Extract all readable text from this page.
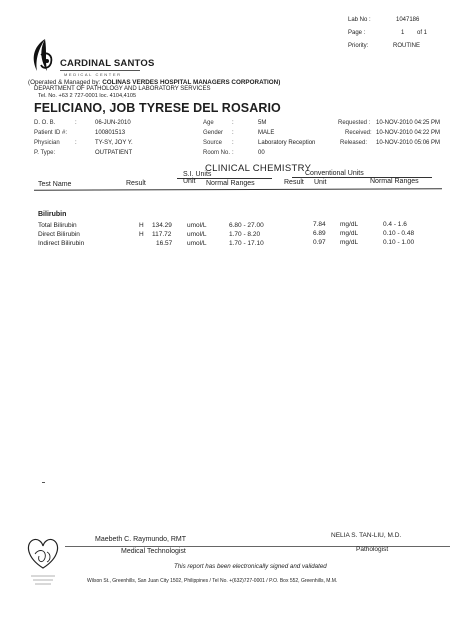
Lab No :	1047186
Page :	1 of 1
Priority:	ROUTINE
CARDINAL SANTOS
MEDICAL CENTER
(Operated & Managed by: COLINAS VERDES HOSPITAL MANAGERS CORPORATION)
DEPARTMENT OF PATHOLOGY AND LABORATORY SERVICES
Tel. No. +63 2 727-0001 loc. 4104,4105
FELICIANO, JOB TYRESE DEL ROSARIO
D. O. B.	:	06-JUN-2010
Patient ID #:	100801513
Physician	:	TY-SY, JOY Y.
P. Type:	OUTPATIENT
Age	:	5M
Gender :	MALE
Source :	Laboratory Reception
Room No. :	00
Requested : 10-NOV-2010 04:25 PM
Received: 10-NOV-2010 04:22 PM
Released: 10-NOV-2010 05:06 PM
CLINICAL CHEMISTRY
S.I. Units	Conventional Units
Test Name	Result	Unit Normal Ranges	Result Unit	Normal Ranges
Bilirubin
Total Bilirubin	H 134.29 umol/L	6.80 - 27.00	7.84 mg/dL	0.4 - 1.6
Direct Bilirubin	H 117.72 umol/L	1.70 - 8.20	6.89 mg/dL	0.10 - 0.48
Indirect Bilirubin	16.57 umol/L	1.70 - 17.10	0.97 mg/dL	0.10 - 1.00
Maebeth C. Raymundo, RMT
NELIA S. TAN-LIU, M.D.
Medical Technologist	Pathologist
This report has been electronically signed and validated
Wilson St., Greenhills, San Juan City 1502, Philippines / Tel No. +(632)727-0001 / P.O. Box 552, Greenhills, M.M.
